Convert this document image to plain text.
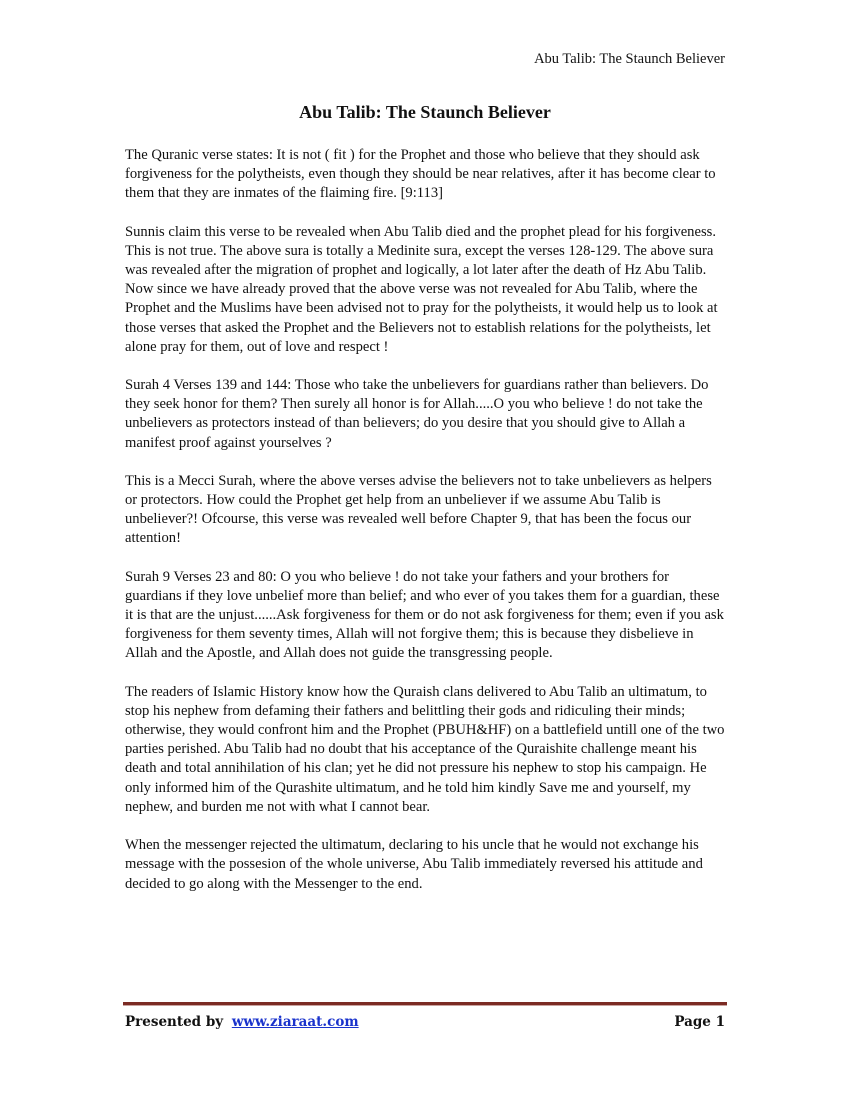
Abu Talib: The Staunch Believer
Abu Talib: The Staunch Believer

The Quranic verse states: It is not ( fit ) for the Prophet and those who believe that they should ask forgiveness for the polytheists, even though they should be near relatives, after it has become clear to them that they are inmates of the flaiming fire. [9:113]

Sunnis claim this verse to be revealed when Abu Talib died and the prophet plead for his forgiveness. This is not true. The above sura is totally a Medinite sura, except the verses 128-129. The above sura was revealed after the migration of prophet and logically, a lot later after the death of Hz Abu Talib. Now since we have already proved that the above verse was not revealed for Abu Talib, where the Prophet and the Muslims have been advised not to pray for the polytheists, it would help us to look at those verses that asked the Prophet and the Believers not to establish relations for the polytheists, let alone pray for them, out of love and respect !

Surah 4 Verses 139 and 144: Those who take the unbelievers for guardians rather than believers. Do they seek honor for them? Then surely all honor is for Allah.....O you who believe ! do not take the unbelievers as protectors instead of than believers; do you desire that you should give to Allah a manifest proof against yourselves ?

This is a Mecci Surah, where the above verses advise the believers not to take unbelievers as helpers or protectors. How could the Prophet get help from an unbeliever if we assume Abu Talib is unbeliever?! Ofcourse, this verse was revealed well before Chapter 9, that has been the focus our attention!

Surah 9 Verses 23 and 80: O you who believe ! do not take your fathers and your brothers for guardians if they love unbelief more than belief; and who ever of you takes them for a guardian, these it is that are the unjust......Ask forgiveness for them or do not ask forgiveness for them; even if you ask forgiveness for them seventy times, Allah will not forgive them; this is because they disbelieve in Allah and the Apostle, and Allah does not guide the transgressing people.

The readers of Islamic History know how the Quraish clans delivered to Abu Talib an ultimatum, to stop his nephew from defaming their fathers and belittling their gods and ridiculing their minds; otherwise, they would confront him and the Prophet (PBUH&HF) on a battlefield untill one of the two parties perished. Abu Talib had no doubt that his acceptance of the Quraishite challenge meant his death and total annihilation of his clan; yet he did not pressure his nephew to stop his campaign. He only informed him of the Qurashite ultimatum, and he told him kindly Save me and yourself, my nephew, and burden me not with what I cannot bear.

When the messenger rejected the ultimatum, declaring to his uncle that he would not exchange his message with the possesion of the whole universe, Abu Talib immediately reversed his attitude and decided to go along with the Messenger to the end.

Presented by www.ziaraat.com	Page 1
